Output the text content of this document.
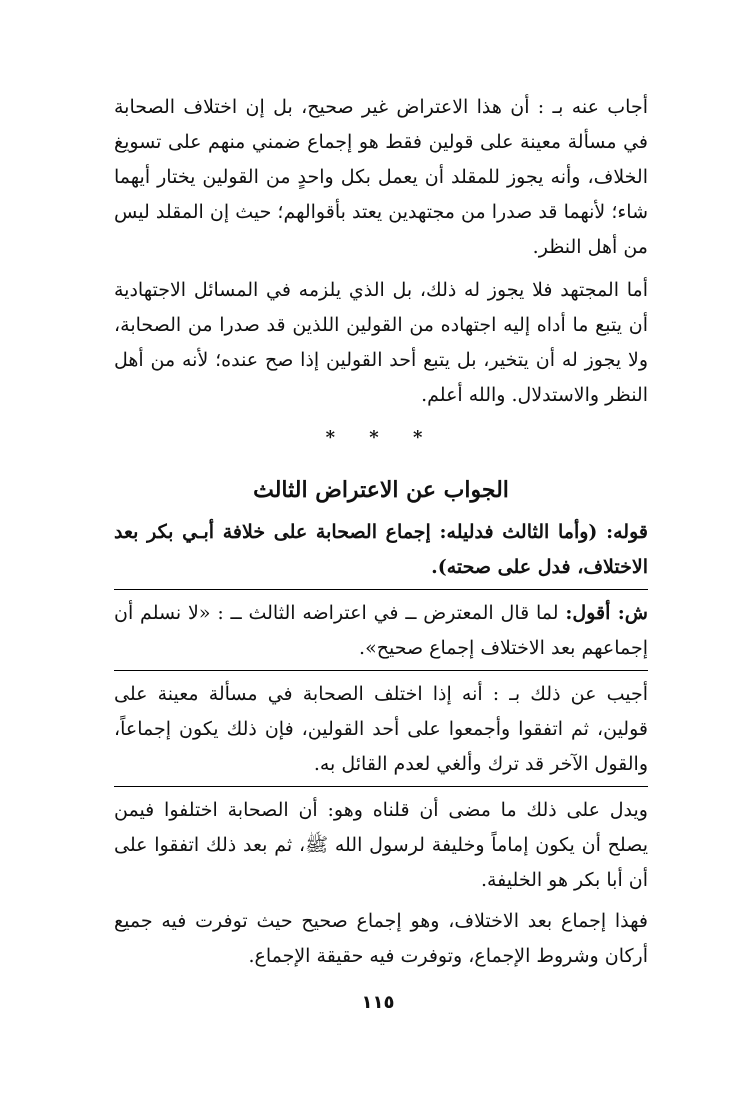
أجاب عنه بـ : أن هذا الاعتراض غير صحيح، بل إن اختلاف الصحابة في مسألة معينة على قولين فقط هو إجماع ضمني منهم على تسويغ الخلاف، وأنه يجوز للمقلد أن يعمل بكل واحدٍ من القولين يختار أيهما شاء؛ لأنهما قد صدرا من مجتهدين يعتد بأقوالهم؛ حيث إن المقلد ليس من أهل النظر.

أما المجتهد فلا يجوز له ذلك، بل الذي يلزمه في المسائل الاجتهادية أن يتبع ما أداه إليه اجتهاده من القولين اللذين قد صدرا من الصحابة، ولا يجوز له أن يتخير، بل يتبع أحد القولين إذا صح عنده؛ لأنه من أهل النظر والاستدلال. والله أعلم.

* * *
الجواب عن الاعتراض الثالث

قوله: (وأما الثالث فدليله: إجماع الصحابة على خلافة أبـي بكر بعد الاختلاف، فدل على صحته).

ش: أقول: لما قال المعترض ــ في اعتراضه الثالث ــ : «لا نسلم أن إجماعهم بعد الاختلاف إجماع صحيح».

أجيب عن ذلك بـ : أنه إذا اختلف الصحابة في مسألة معينة على قولين، ثم اتفقوا وأجمعوا على أحد القولين، فإن ذلك يكون إجماعاً، والقول الآخر قد ترك وألغي لعدم القائل به.

ويدل على ذلك ما مضى أن قلناه وهو: أن الصحابة اختلفوا فيمن يصلح أن يكون إماماً وخليفة لرسول الله ﷺ، ثم بعد ذلك اتفقوا على أن أبا بكر هو الخليفة.

فهذا إجماع بعد الاختلاف، وهو إجماع صحيح حيث توفرت فيه جميع أركان وشروط الإجماع، وتوفرت فيه حقيقة الإجماع.

١١٥
